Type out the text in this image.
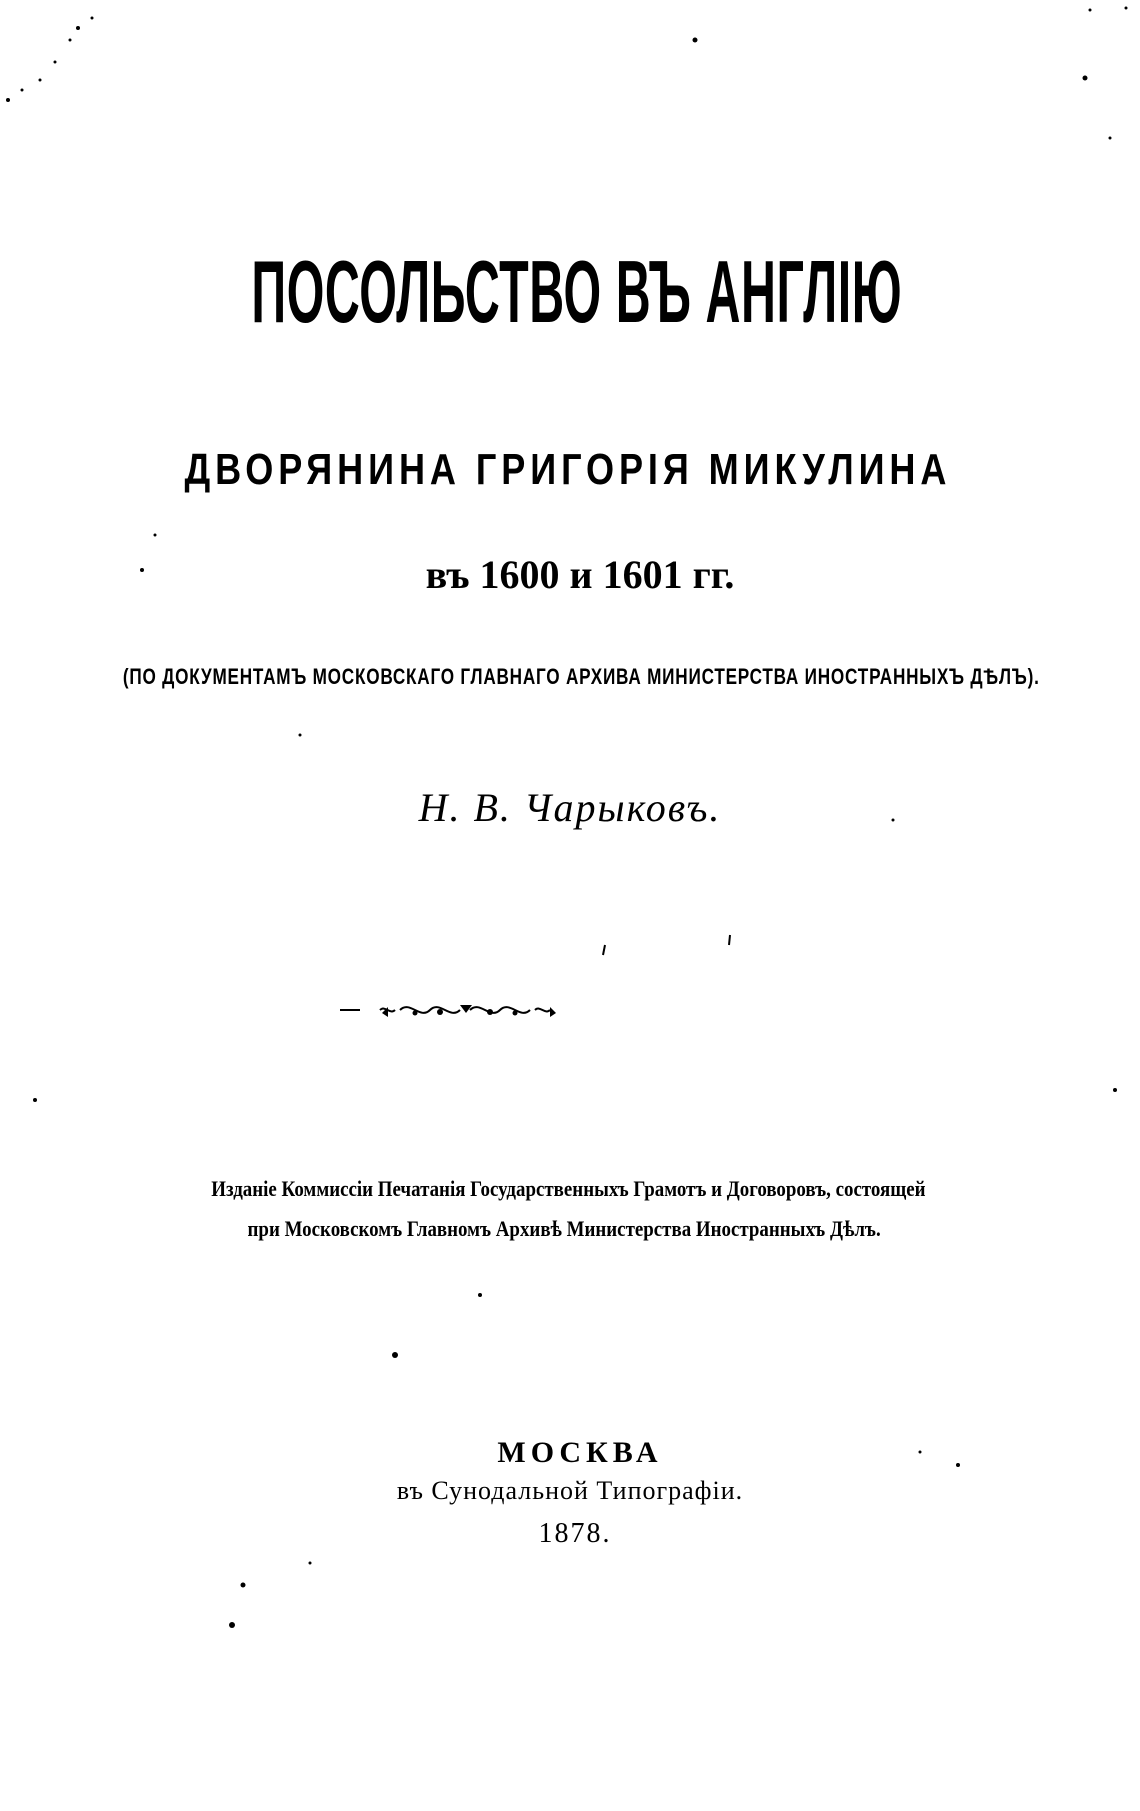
ПОСОЛЬСТВО ВЪ АНГЛІЮ
ДВОРЯНИНА ГРИГОРІЯ МИКУЛИНА
въ 1600 и 1601 гг.
(ПО ДОКУМЕНТАМЪ МОСКОВСКАГО ГЛАВНАГО АРХИВА МИНИСТЕРСТВА ИНОСТРАННЫХЪ ДѢЛЪ).
Н. В. Чарыковъ.
Изданіе Коммиссіи Печатанія Государственныхъ Грамотъ и Договоровъ, состоящей
при Московскомъ Главномъ Архивѣ Министерства Иностранныхъ Дѣлъ.
МОСКВА
въ Сунодальной Типографіи.
1878.
